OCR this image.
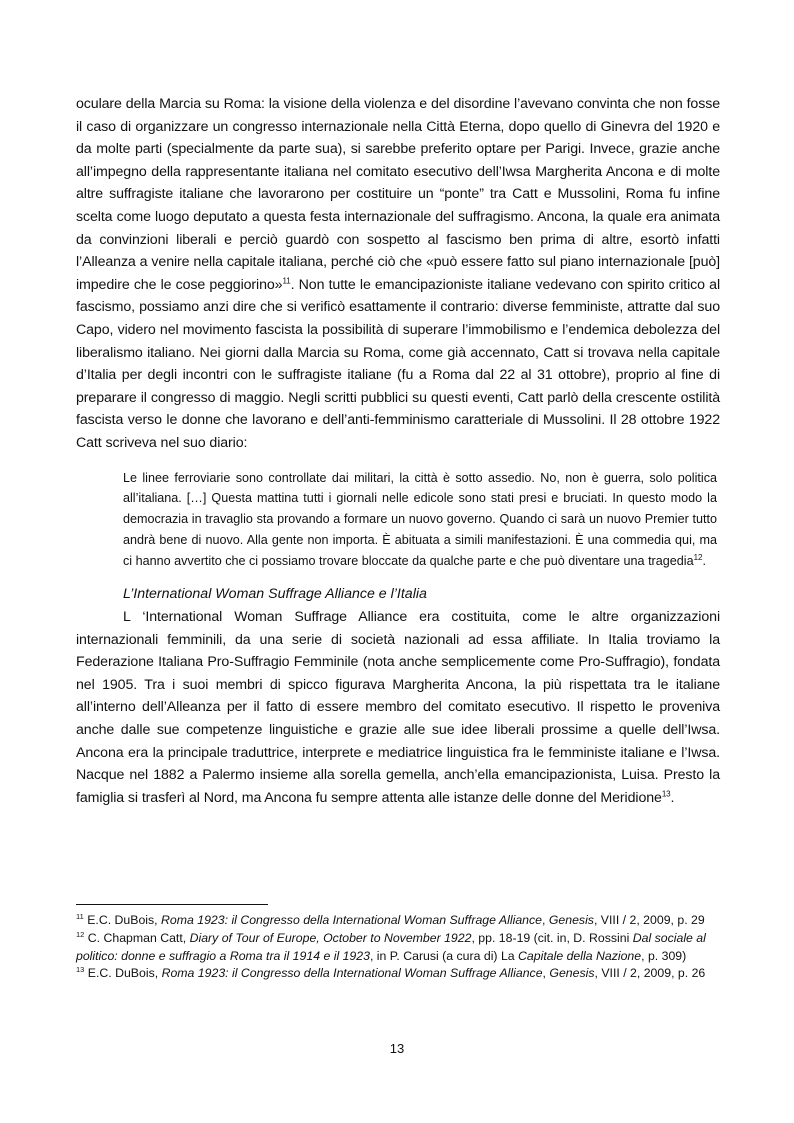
oculare della Marcia su Roma: la visione della violenza e del disordine l’avevano convinta che non fosse il caso di organizzare un congresso internazionale nella Città Eterna, dopo quello di Ginevra del 1920 e da molte parti (specialmente da parte sua), si sarebbe preferito optare per Parigi. Invece, grazie anche all’impegno della rappresentante italiana nel comitato esecutivo dell’Iwsa Margherita Ancona e di molte altre suffragiste italiane che lavorarono per costituire un “ponte” tra Catt e Mussolini, Roma fu infine scelta come luogo deputato a questa festa internazionale del suffragismo. Ancona, la quale era animata da convinzioni liberali e perciò guardò con sospetto al fascismo ben prima di altre, esortò infatti l’Alleanza a venire nella capitale italiana, perché ciò che «può essere fatto sul piano internazionale [può] impedire che le cose peggiorino»$^{11}$. Non tutte le emancipazioniste italiane vedevano con spirito critico al fascismo, possiamo anzi dire che si verificò esattamente il contrario: diverse femministe, attratte dal suo Capo, videro nel movimento fascista la possibilità di superare l’immobilismo e l’endemica debolezza del liberalismo italiano. Nei giorni dalla Marcia su Roma, come già accennato, Catt si trovava nella capitale d’Italia per degli incontri con le suffragiste italiane (fu a Roma dal 22 al 31 ottobre), proprio al fine di preparare il congresso di maggio. Negli scritti pubblici su questi eventi, Catt parlò della crescente ostilità fascista verso le donne che lavorano e dell’anti-femminismo caratteriale di Mussolini. Il 28 ottobre 1922 Catt scriveva nel suo diario:

Le linee ferroviarie sono controllate dai militari, la città è sotto assedio. No, non è guerra, solo politica all’italiana. […] Questa mattina tutti i giornali nelle edicole sono stati presi e bruciati. In questo modo la democrazia in travaglio sta provando a formare un nuovo governo. Quando ci sarà un nuovo Premier tutto andrà bene di nuovo. Alla gente non importa. È abituata a simili manifestazioni. È una commedia qui, ma ci hanno avvertito che ci possiamo trovare bloccate da qualche parte e che può diventare una tragedia$^{12}$.

L’International Woman Suffrage Alliance e l’Italia

L ‘International Woman Suffrage Alliance era costituita, come le altre organizzazioni internazionali femminili, da una serie di società nazionali ad essa affiliate. In Italia troviamo la Federazione Italiana Pro-Suffragio Femminile (nota anche semplicemente come Pro-Suffragio), fondata nel 1905. Tra i suoi membri di spicco figurava Margherita Ancona, la più rispettata tra le italiane all’interno dell’Alleanza per il fatto di essere membro del comitato esecutivo. Il rispetto le proveniva anche dalle sue competenze linguistiche e grazie alle sue idee liberali prossime a quelle dell’Iwsa. Ancona era la principale traduttrice, interprete e mediatrice linguistica fra le femministe italiane e l’Iwsa. Nacque nel 1882 a Palermo insieme alla sorella gemella, anch’ella emancipazionista, Luisa. Presto la famiglia si trasferì al Nord, ma Ancona fu sempre attenta alle istanze delle donne del Meridione$^{13}$.

$^{11}$ E.C. DuBois, Roma 1923: il Congresso della International Woman Suffrage Alliance, Genesis, VIII / 2, 2009, p. 29

$^{12}$ C. Chapman Catt, Diary of Tour of Europe, October to November 1922, pp. 18-19 (cit. in, D. Rossini Dal sociale al politico: donne e suffragio a Roma tra il 1914 e il 1923, in P. Carusi (a cura di) La Capitale della Nazione, p. 309)

$^{13}$ E.C. DuBois, Roma 1923: il Congresso della International Woman Suffrage Alliance, Genesis, VIII / 2, 2009, p. 26

13
